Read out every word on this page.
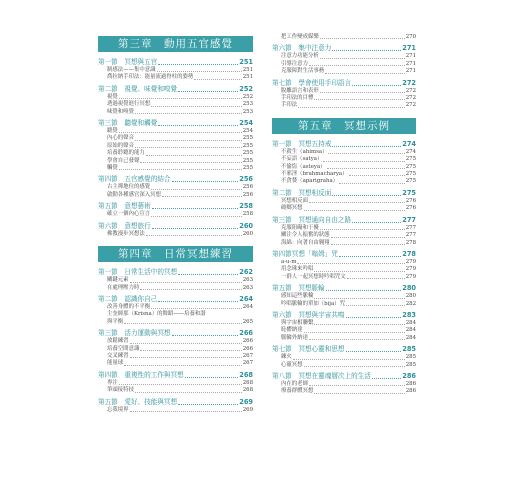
第三章　動用五官感覺
第一節　冥想與五官	251
制感法——集中意識	251
喬拉納手印法：能量流過脊柱的姿勢	251
第二節　視覺、味覺和嗅覺	252
視覺	252
透過視覺進行冥想	253
味覺和嗅覺	253
第三節　聽覺和觸覺	254
聽覺	254
內心的聲音	255
原始的聲音	255
培養聆聽的能力	255
學會自己發聲	255
觸覺	255
第四節　五官感覺的結合	256
古主禪地位的感覺	256
啟動各種感官深入冥想	256
第五節　意想藝術	258
確立一個內心宣言	258
第六節　意想旅行	260
佛教漫步冥想法	260
第四章　日常冥想練習
第一節　日常生活中的冥想	262
關鍵元素	263
在處理壓力時	263
第二節　認識你自己	264
改善身體的不平衡	264
主奎師那（Krisna）的舞蹈——培養和諧
與平衡	265
第三節　活力運動與冥想	266
放鬆練習	266
培養空間意識	266
交叉練習	267
能量球	267
第四節　重複性的工作與冥想	268
專注	268
筆頭接特技	268
第五節　愛好、技能與冥想	269
忘我境界	269
把工作變成媒樂	270
第六節　集中注意力	271
注意力功能分析	271
引導注意力	271
克服障對生活事務	271
第七節　學會使用手印語言	272
脫離語言和表形	272
手印法的目標	272
手印法	272
第五章　冥想示例
第一節　冥想五持戒	274
不殺生（ahimsa）	274
不妄語（satya）	275
不偷盜（asteya）	275
不邪淫（brahmacharya）	275
不貪婪（aparigraha）	275
第二節　冥想相反面	275
冥想相反面	276
破鄉冥想	276
第三節　冥想通向自由之路	277
克服阻礙和干擾	277
關注令人振奮的狀態	277
海綿：向著自由翱翔	278
第四節冥想「嗡姆」咒	278
a-u-m	279
用念珠來吟唱	279
一群人一起冥想時吟唱咒文	279
第五節　冥想脈輪	280
感知這些脈輪	280
吟唱脈輪的單加（bija）咒	282
第六節　冥想與宇宙共鳴	283
與宇宙相聯繫	284
恥體納達	284
脈輪外納達	284
第七節　冥想心靈和思想	285
練火	285
心靈冥想	285
第八節　冥想在靈魂層次上的生活	286
內在的老師	286
療養群體冥想	286
